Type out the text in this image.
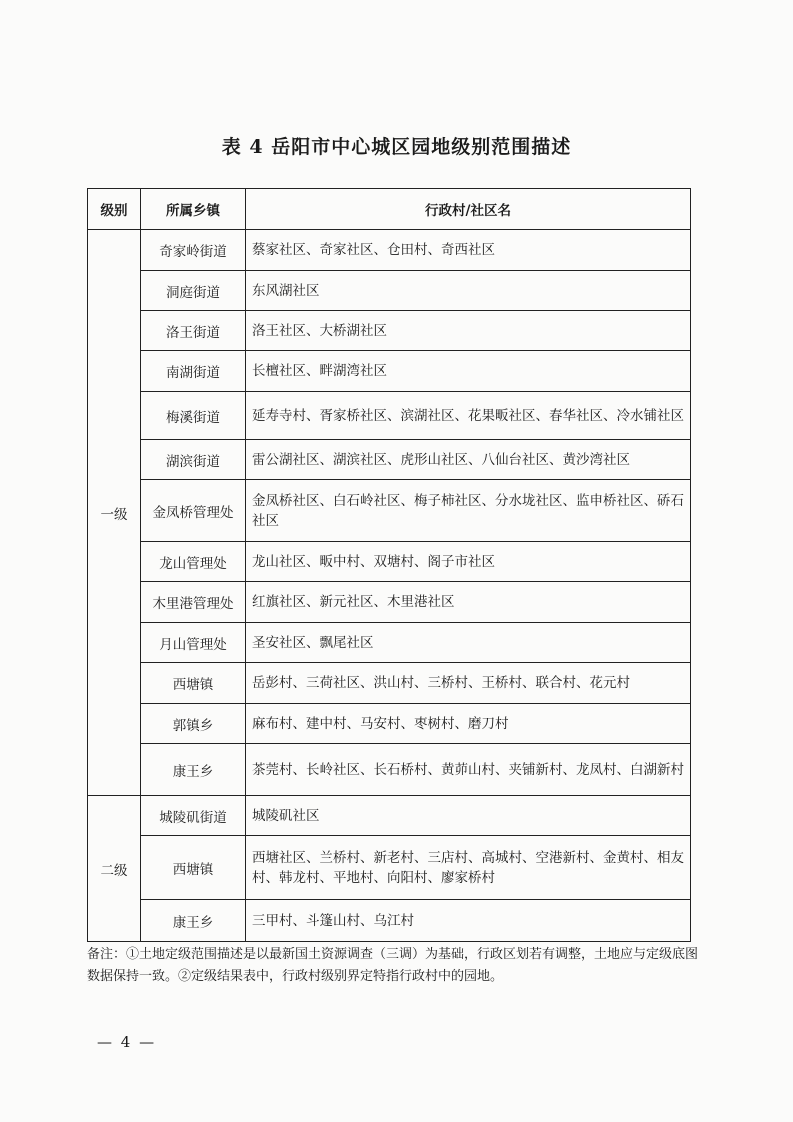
表 4 岳阳市中心城区园地级别范围描述
级别	所属乡镇	行政村/社区名
一级	奇家岭街道	蔡家社区、奇家社区、仓田村、奇西社区
	洞庭街道	东风湖社区
	洛王街道	洛王社区、大桥湖社区
	南湖街道	长檀社区、畔湖湾社区
	梅溪街道	延寿寺村、胥家桥社区、滨湖社区、花果畈社区、春华社区、冷水铺社区
	湖滨街道	雷公湖社区、湖滨社区、虎形山社区、八仙台社区、黄沙湾社区
	金凤桥管理处	金凤桥社区、白石岭社区、梅子柿社区、分水垅社区、监申桥社区、硚石社区
	龙山管理处	龙山社区、畈中村、双塘村、阁子市社区
	木里港管理处	红旗社区、新元社区、木里港社区
	月山管理处	圣安社区、飘尾社区
	西塘镇	岳彭村、三荷社区、洪山村、三桥村、王桥村、联合村、花元村
	郭镇乡	麻布村、建中村、马安村、枣树村、磨刀村
	康王乡	茶莞村、长岭社区、长石桥村、黄茆山村、夹铺新村、龙凤村、白湖新村
二级	城陵矶街道	城陵矶社区
	西塘镇	西塘社区、兰桥村、新老村、三店村、高城村、空港新村、金黄村、相友村、韩龙村、平地村、向阳村、廖家桥村
	康王乡	三甲村、斗篷山村、乌江村
备注：①土地定级范围描述是以最新国土资源调查（三调）为基础，行政区划若有调整，土地应与定级底图数据保持一致。②定级结果表中，行政村级别界定特指行政村中的园地。
— 4 —
